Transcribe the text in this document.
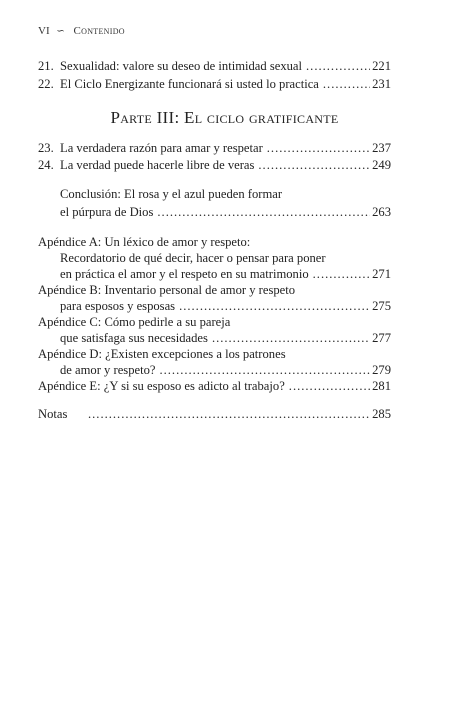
VI ∽ Contenido
21. Sexualidad: valore su deseo de intimidad sexual .....	221
22. El Ciclo Energizante funcionará si usted lo practica .....	231
Parte III: El ciclo gratificante
23. La verdadera razón para amar y respetar .....	237
24. La verdad puede hacerle libre de veras .....	249
Conclusión: El rosa y el azul pueden formar
el púrpura de Dios .....	263
Apéndice A: Un léxico de amor y respeto:
Recordatorio de qué decir, hacer o pensar para poner
en práctica el amor y el respeto en su matrimonio .....	271
Apéndice B: Inventario personal de amor y respeto
para esposos y esposas .....	275
Apéndice C: Cómo pedirle a su pareja
que satisfaga sus necesidades .....	277
Apéndice D: ¿Existen excepciones a los patrones
de amor y respeto? .....	279
Apéndice E: ¿Y si su esposo es adicto al trabajo? .....	281
Notas .....	285
